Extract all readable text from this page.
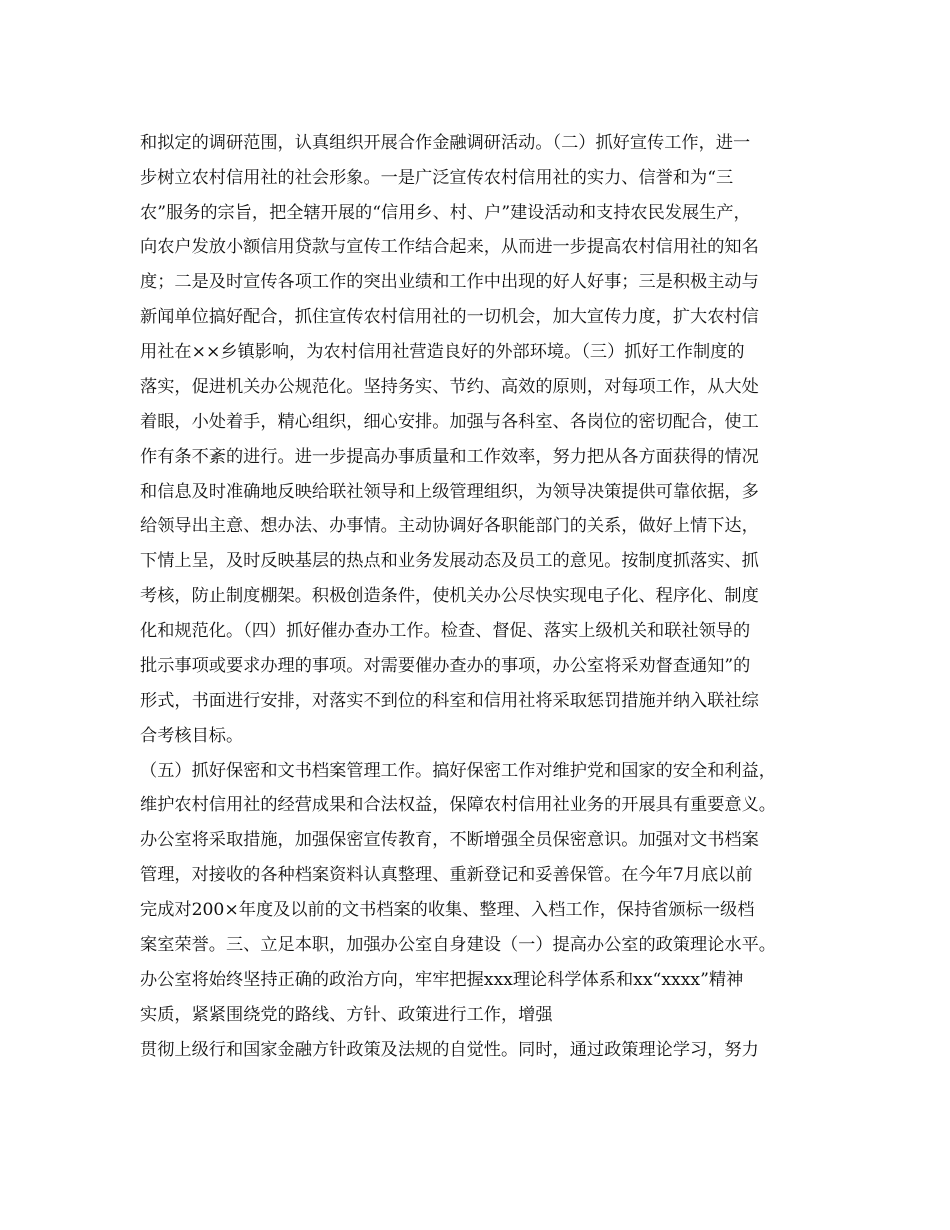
和拟定的调研范围，认真组织开展合作金融调研活动。（二）抓好宣传工作，进一
步树立农村信用社的社会形象。一是广泛宣传农村信用社的实力、信誉和为“三
农”服务的宗旨，把全辖开展的“信用乡、村、户”建设活动和支持农民发展生产，
向农户发放小额信用贷款与宣传工作结合起来，从而进一步提高农村信用社的知名
度；二是及时宣传各项工作的突出业绩和工作中出现的好人好事；三是积极主动与
新闻单位搞好配合，抓住宣传农村信用社的一切机会，加大宣传力度，扩大农村信
用社在××乡镇影响，为农村信用社营造良好的外部环境。（三）抓好工作制度的
落实，促进机关办公规范化。坚持务实、节约、高效的原则，对每项工作，从大处
着眼，小处着手，精心组织，细心安排。加强与各科室、各岗位的密切配合，使工
作有条不紊的进行。进一步提高办事质量和工作效率，努力把从各方面获得的情况
和信息及时准确地反映给联社领导和上级管理组织，为领导决策提供可靠依据，多
给领导出主意、想办法、办事情。主动协调好各职能部门的关系，做好上情下达，
下情上呈，及时反映基层的热点和业务发展动态及员工的意见。按制度抓落实、抓
考核，防止制度棚架。积极创造条件，使机关办公尽快实现电子化、程序化、制度
化和规范化。（四）抓好催办查办工作。检查、督促、落实上级机关和联社领导的
批示事项或要求办理的事项。对需要催办查办的事项，办公室将采劝督查通知”的
形式，书面进行安排，对落实不到位的科室和信用社将采取惩罚措施并纳入联社综
合考核目标。
（五）抓好保密和文书档案管理工作。搞好保密工作对维护党和国家的安全和利益，
维护农村信用社的经营成果和合法权益，保障农村信用社业务的开展具有重要意义。
办公室将采取措施，加强保密宣传教育，不断增强全员保密意识。加强对文书档案
管理，对接收的各种档案资料认真整理、重新登记和妥善保管。在今年7月底以前
完成对200×年度及以前的文书档案的收集、整理、入档工作，保持省颁标一级档
案室荣誉。三、立足本职，加强办公室自身建设（一）提高办公室的政策理论水平。
办公室将始终坚持正确的政治方向，牢牢把握xxx理论科学体系和xx“xxxx”精神
实质，紧紧围绕党的路线、方针、政策进行工作，增强
贯彻上级行和国家金融方针政策及法规的自觉性。同时，通过政策理论学习，努力
